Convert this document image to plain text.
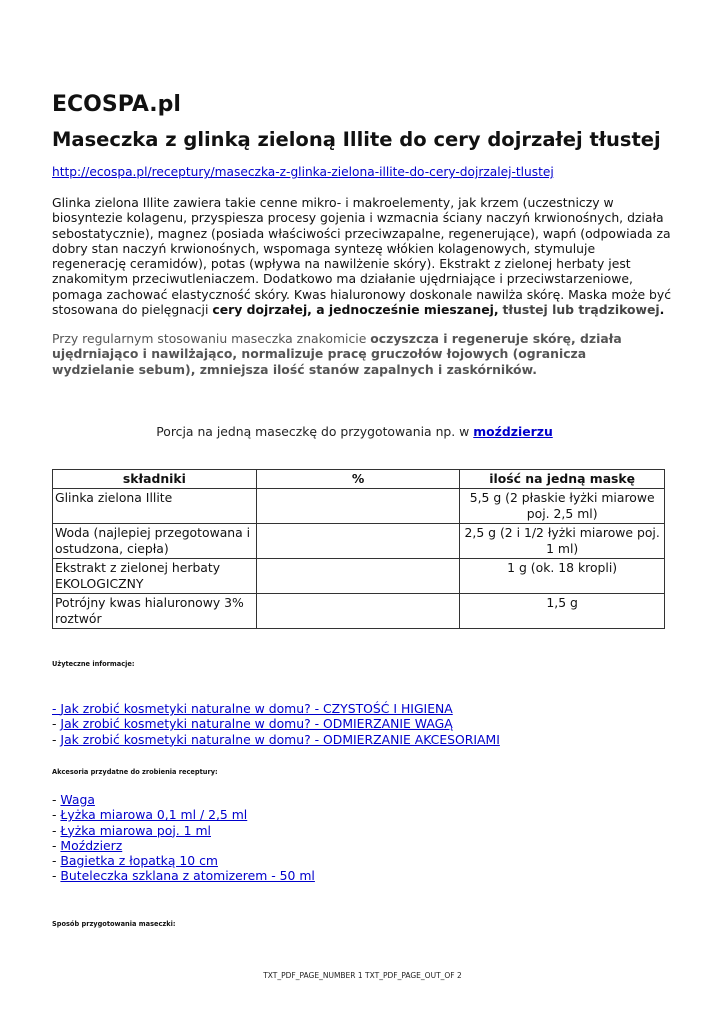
ECOSPA.pl
Maseczka z glinką zieloną Illite do cery dojrzałej tłustej
http://ecospa.pl/receptury/maseczka-z-glinka-zielona-illite-do-cery-dojrzalej-tlustej
Glinka zielona Illite zawiera takie cenne mikro- i makroelementy, jak krzem (uczestniczy w biosyntezie kolagenu, przyspiesza procesy gojenia i wzmacnia ściany naczyń krwionośnych, działa sebostatycznie), magnez (posiada właściwości przeciwzapalne, regenerujące), wapń (odpowiada za dobry stan naczyń krwionośnych, wspomaga syntezę włókien kolagenowych, stymuluje regenerację ceramidów), potas (wpływa na nawilżenie skóry). Ekstrakt z zielonej herbaty jest znakomitym przeciwutleniaczem. Dodatkowo ma działanie ujędrniające i przeciwstarzeniowe, pomaga zachować elastyczność skóry. Kwas hialuronowy doskonale nawilża skórę. Maska może być stosowana do pielęgnacji cery dojrzałej, a jednocześnie mieszanej, tłustej lub trądzikowej.
Przy regularnym stosowaniu maseczka znakomicie oczyszcza i regeneruje skórę, działa ujędrniająco i nawilżająco, normalizuje pracę gruczołów łojowych (ogranicza wydzielanie sebum), zmniejsza ilość stanów zapalnych i zaskórników.
Porcja na jedną maseczkę do przygotowania np. w moździerzu
składniki	%	ilość na jedną maskę
Glinka zielona Illite		5,5 g (2 płaskie łyżki miarowe poj. 2,5 ml)
Woda (najlepiej przegotowana i ostudzona, ciepła)		2,5 g (2 i 1/2 łyżki miarowe poj. 1 ml)
Ekstrakt z zielonej herbaty EKOLOGICZNY		1 g (ok. 18 kropli)
Potrójny kwas hialuronowy 3% roztwór		1,5 g
Użyteczne informacje:
- Jak zrobić kosmetyki naturalne w domu? - CZYSTOŚĆ I HIGIENA
- Jak zrobić kosmetyki naturalne w domu? - ODMIERZANIE WAGĄ
- Jak zrobić kosmetyki naturalne w domu? - ODMIERZANIE AKCESORIAMI
Akcesoria przydatne do zrobienia receptury:
- Waga
- Łyżka miarowa 0,1 ml / 2,5 ml
- Łyżka miarowa poj. 1 ml
- Moździerz
- Bagietka z łopatką 10 cm
- Buteleczka szklana z atomizerem - 50 ml
Sposób przygotowania maseczki:
TXT_PDF_PAGE_NUMBER 1 TXT_PDF_PAGE_OUT_OF 2
